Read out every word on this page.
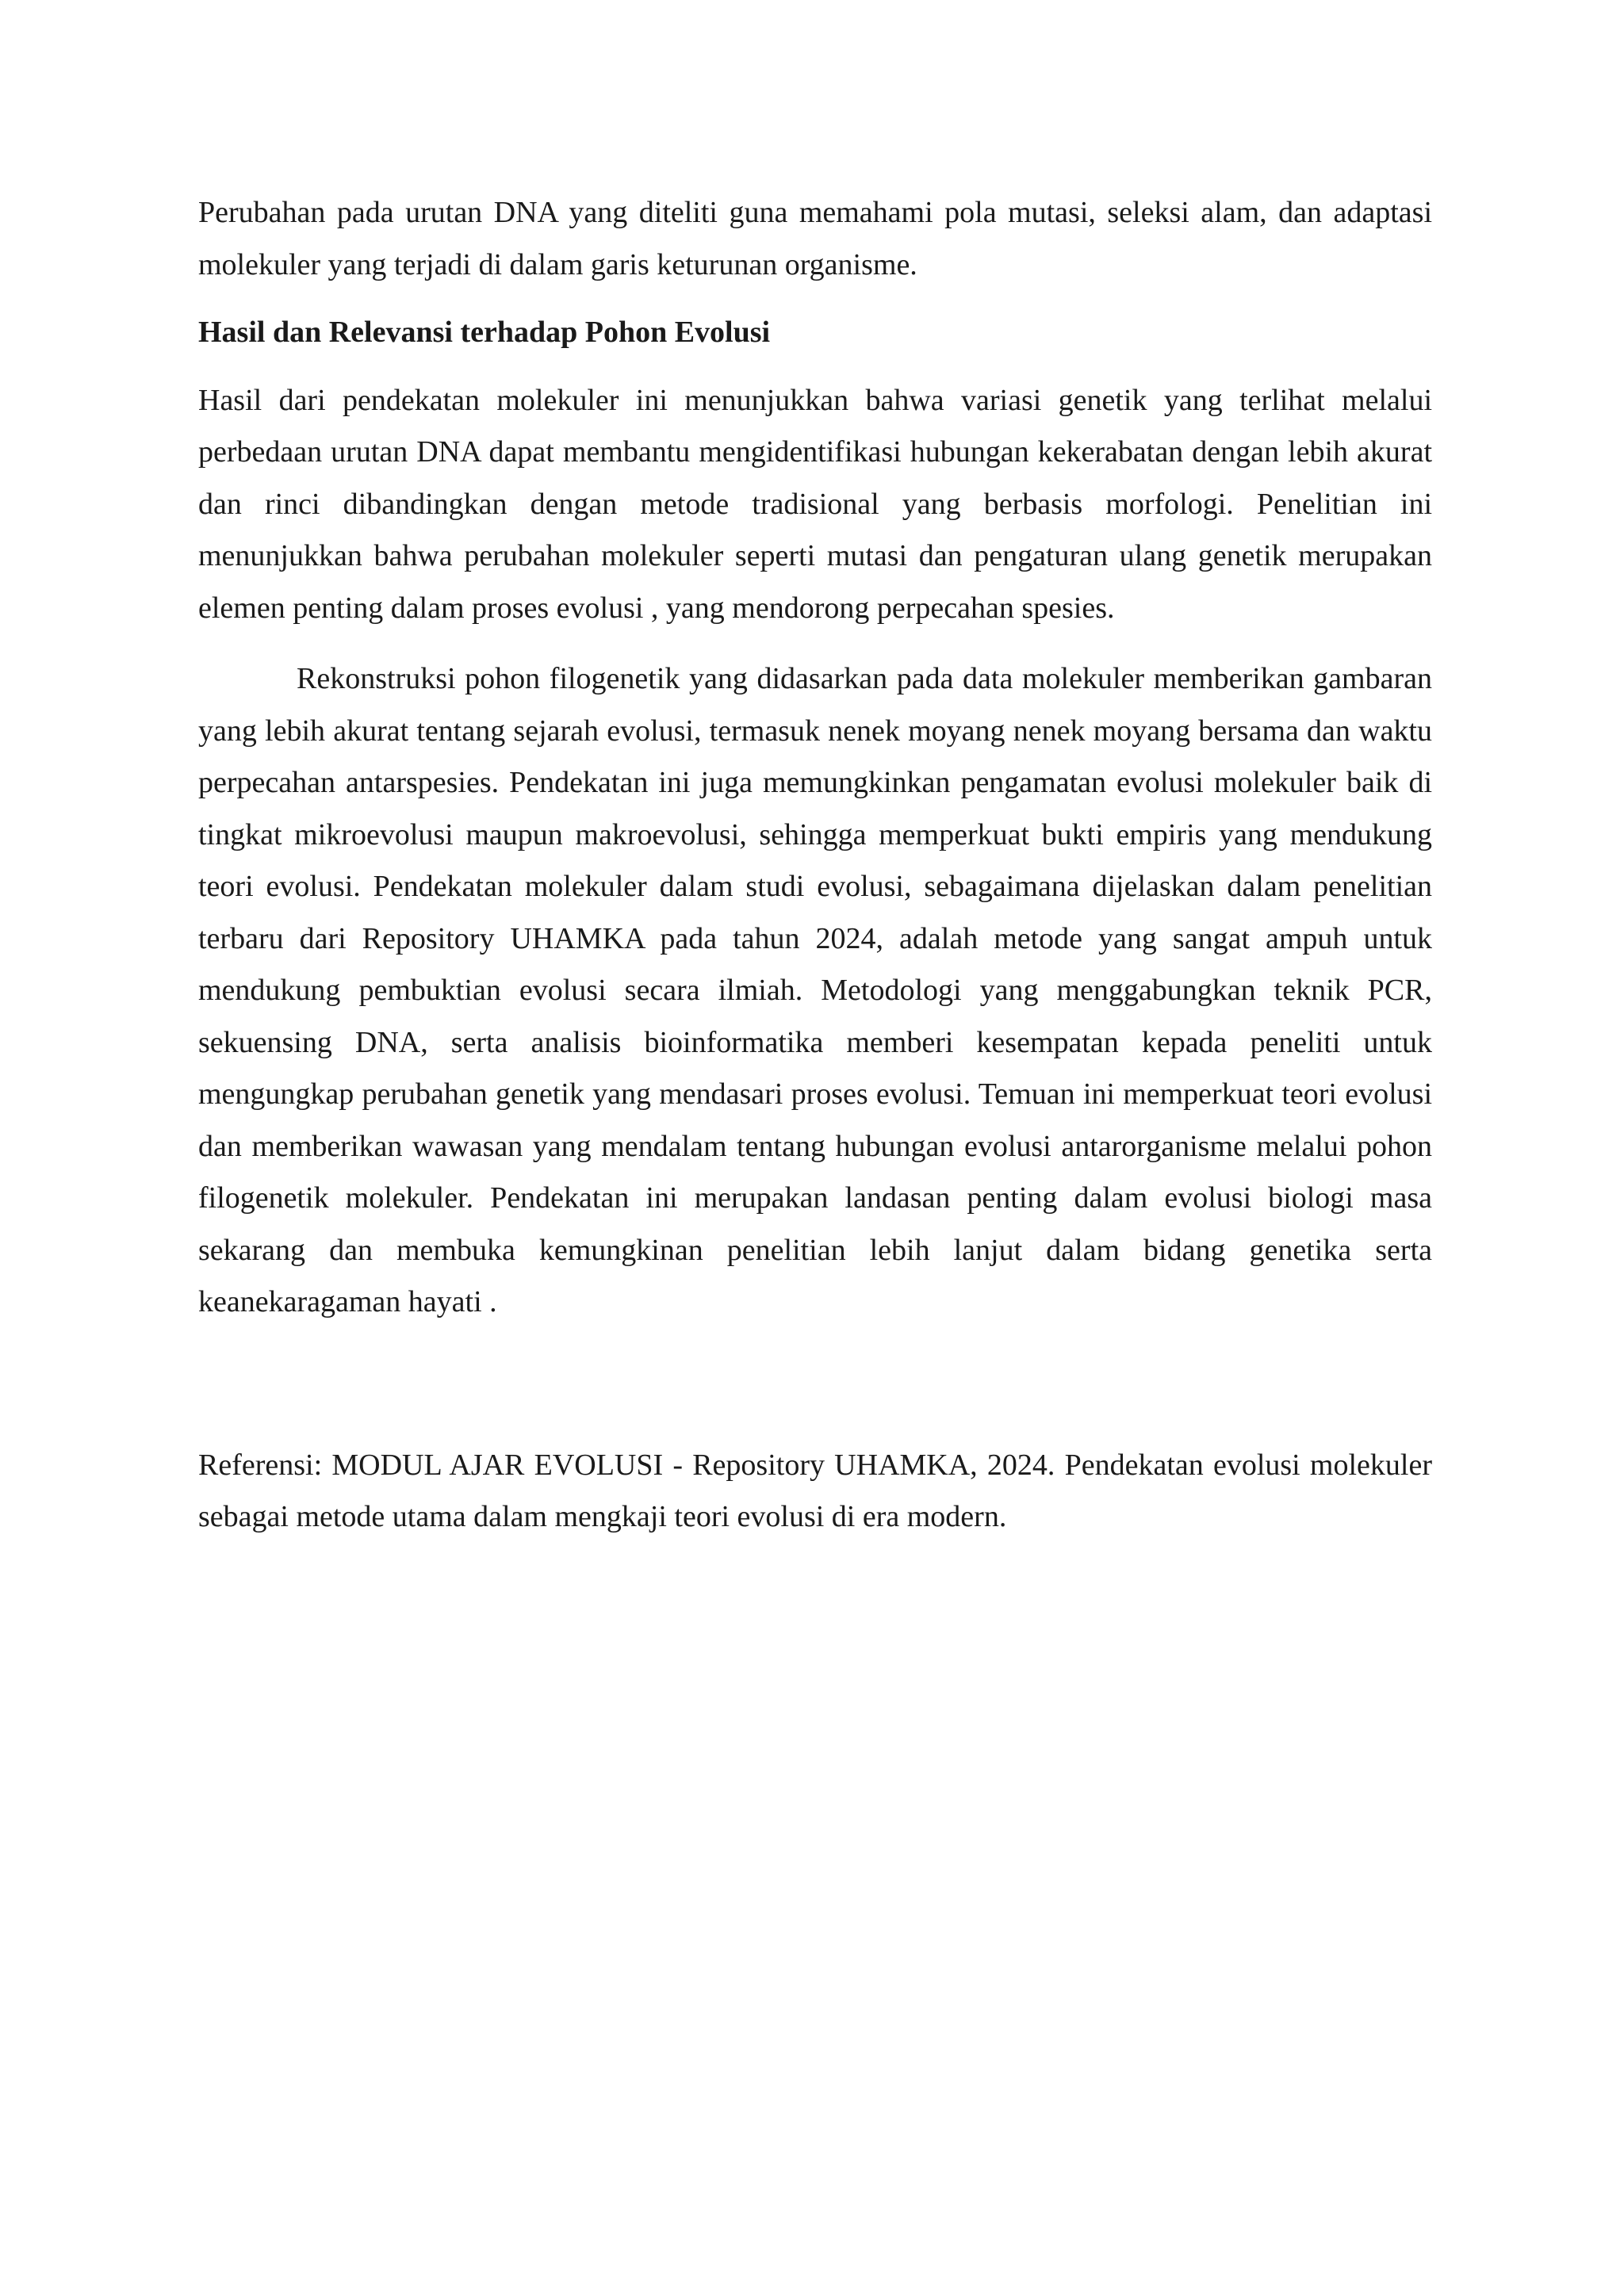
Perubahan pada urutan DNA yang diteliti guna memahami pola mutasi, seleksi alam, dan adaptasi molekuler yang terjadi di dalam garis keturunan organisme.

Hasil dan Relevansi terhadap Pohon Evolusi

Hasil dari pendekatan molekuler ini menunjukkan bahwa variasi genetik yang terlihat melalui perbedaan urutan DNA dapat membantu mengidentifikasi hubungan kekerabatan dengan lebih akurat dan rinci dibandingkan dengan metode tradisional yang berbasis morfologi. Penelitian ini menunjukkan bahwa perubahan molekuler seperti mutasi dan pengaturan ulang genetik merupakan elemen penting dalam proses evolusi , yang mendorong perpecahan spesies.

Rekonstruksi pohon filogenetik yang didasarkan pada data molekuler memberikan gambaran yang lebih akurat tentang sejarah evolusi, termasuk nenek moyang nenek moyang bersama dan waktu perpecahan antarspesies. Pendekatan ini juga memungkinkan pengamatan evolusi molekuler baik di tingkat mikroevolusi maupun makroevolusi, sehingga memperkuat bukti empiris yang mendukung teori evolusi. Pendekatan molekuler dalam studi evolusi, sebagaimana dijelaskan dalam penelitian terbaru dari Repository UHAMKA pada tahun 2024, adalah metode yang sangat ampuh untuk mendukung pembuktian evolusi secara ilmiah. Metodologi yang menggabungkan teknik PCR, sekuensing DNA, serta analisis bioinformatika memberi kesempatan kepada peneliti untuk mengungkap perubahan genetik yang mendasari proses evolusi. Temuan ini memperkuat teori evolusi dan memberikan wawasan yang mendalam tentang hubungan evolusi antarorganisme melalui pohon filogenetik molekuler. Pendekatan ini merupakan landasan penting dalam evolusi biologi masa sekarang dan membuka kemungkinan penelitian lebih lanjut dalam bidang genetika serta keanekaragaman hayati .

Referensi: MODUL AJAR EVOLUSI - Repository UHAMKA, 2024. Pendekatan evolusi molekuler sebagai metode utama dalam mengkaji teori evolusi di era modern.
